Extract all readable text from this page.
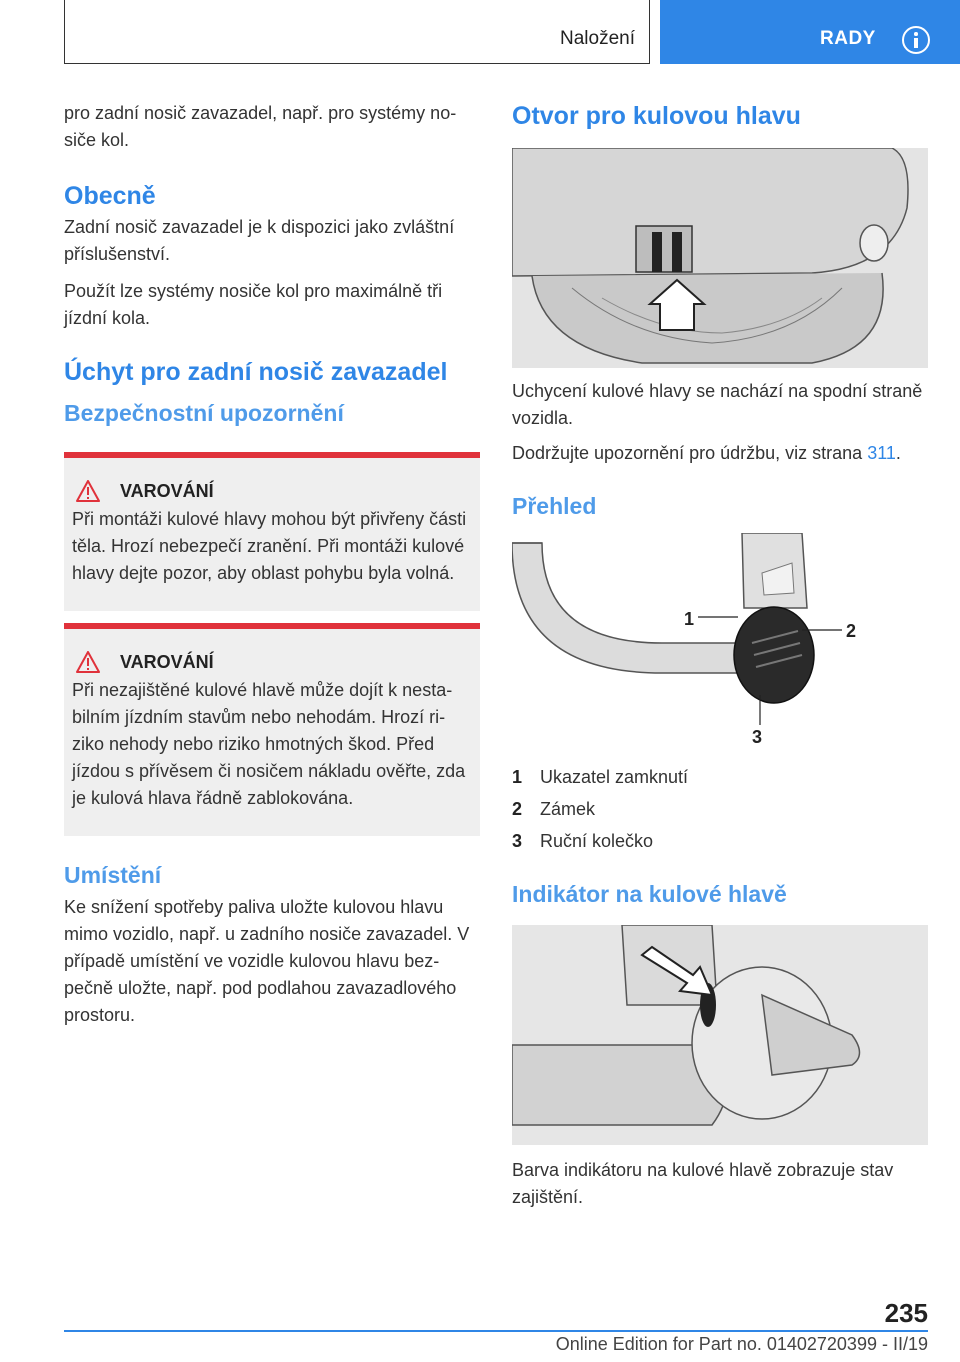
Naložení	RADY

pro zadní nosič zavazadel, např. pro systémy no-siče kol.

Obecně

Zadní nosič zavazadel je k dispozici jako zvláštní příslušenství.

Použít lze systémy nosiče kol pro maximálně tři jízdní kola.

Úchyt pro zadní nosič zavazadel
Bezpečnostní upozornění
VAROVÁNÍ

Při montáži kulové hlavy mohou být přivřeny části těla. Hrozí nebezpečí zranění. Při montáži kulové hlavy dejte pozor, aby oblast pohybu byla volná.

VAROVÁNÍ

Při nezajištěné kulové hlavě může dojít k nesta-bilním jízdním stavům nebo nehodám. Hrozí ri-ziko nehody nebo riziko hmotných škod. Před jízdou s přívěsem či nosičem nákladu ověřte, zda je kulová hlava řádně zablokována.

Umístění

Ke snížení spotřeby paliva uložte kulovou hlavu mimo vozidlo, např. u zadního nosiče zavazadel. V případě umístění ve vozidle kulovou hlavu bez-pečně uložte, např. pod podlahou zavazadlového prostoru.

Otvor pro kulovou hlavu

Uchycení kulové hlavy se nachází na spodní straně vozidla.

Dodržujte upozornění pro údržbu, viz strana 311.

Přehled
1
2
3
1 Ukazatel zamknutí
2 Zámek
3 Ruční kolečko
Indikátor na kulové hlavě

Barva indikátoru na kulové hlavě zobrazuje stav zajištění.

235
Online Edition for Part no. 01402720399 - II/19
